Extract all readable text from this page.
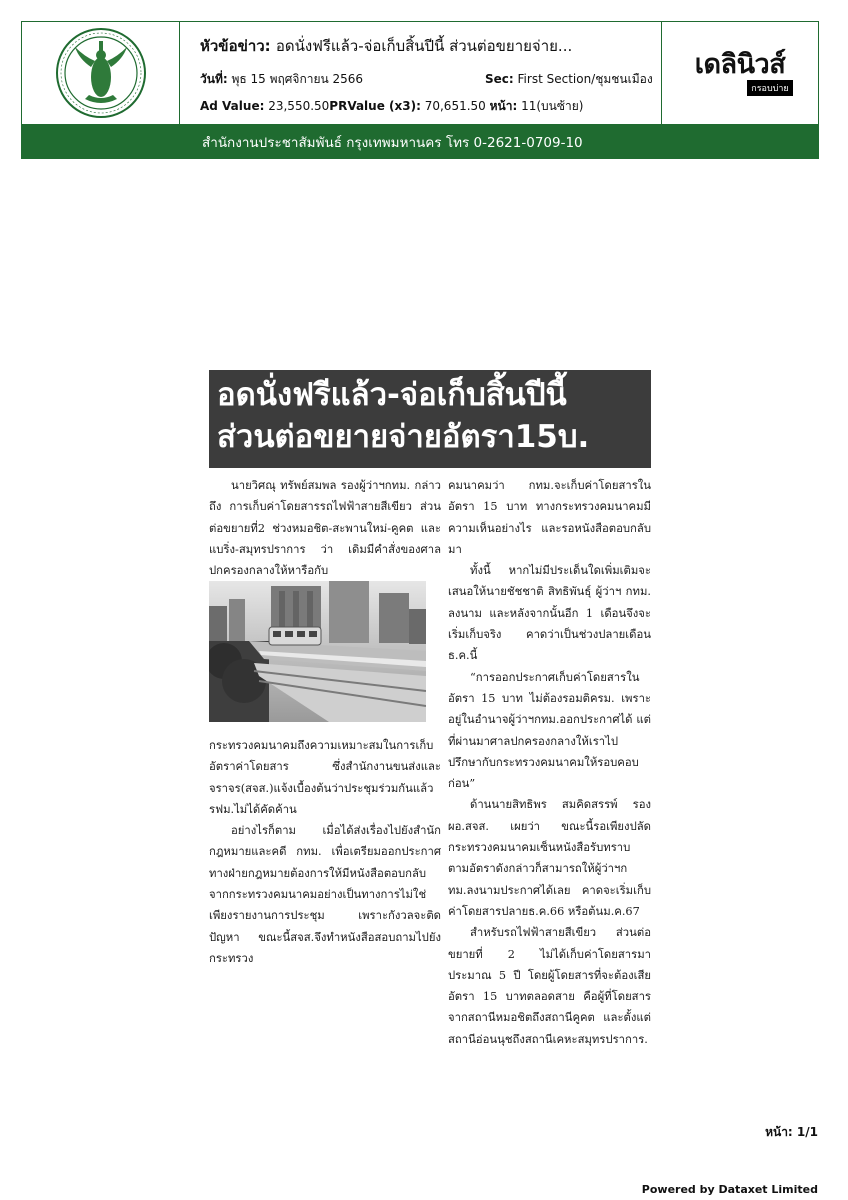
หัวข้อข่าว: อดนั่งฟรีแล้ว-จ่อเก็บสิ้นปีนี้ ส่วนต่อขยายจ่าย...
วันที่: พุธ 15 พฤศจิกายน 2566	Sec: First Section/ชุมชนเมือง
Ad Value: 23,550.50PRValue (x3): 70,651.50 หน้า: 11(บนซ้าย)
เดลินิวส์
กรอบบ่าย
สำนักงานประชาสัมพันธ์ กรุงเทพมหานคร โทร 0-2621-0709-10
อดนั่งฟรีแล้ว-จ่อเก็บสิ้นปีนี้
ส่วนต่อขยายจ่ายอัตรา15บ.

นายวิศณุ ทรัพย์สมพล รองผู้ว่าฯกทม. กล่าวถึง การเก็บค่าโดยสารรถไฟฟ้าสายสีเขียว ส่วนต่อขยายที่2 ช่วงหมอชิต-สะพานใหม่-คูคต และแบริ่ง-สมุทรปราการ ว่า เดิมมีคำสั่งของศาลปกครองกลางให้หารือกับ

กระทรวงคมนาคมถึงความเหมาะสมในการเก็บอัตราค่าโดยสาร ซึ่งสำนักงานขนส่งและจราจร(สจส.)แจ้งเบื้องต้นว่าประชุมร่วมกันแล้ว รฟม.ไม่ได้คัดค้าน

อย่างไรก็ตาม เมื่อได้ส่งเรื่องไปยังสำนักกฎหมายและคดี กทม. เพื่อเตรียมออกประกาศ ทางฝ่ายกฎหมายต้องการให้มีหนังสือตอบกลับจากกระทรวงคมนาคมอย่างเป็นทางการไม่ใช่เพียงรายงานการประชุม เพราะกังวลจะติดปัญหา ขณะนี้สจส.จึงทำหนังสือสอบถามไปยังกระทรวง

คมนาคมว่า กทม.จะเก็บค่าโดยสารในอัตรา 15 บาท ทางกระทรวงคมนาคมมีความเห็นอย่างไร และรอหนังสือตอบกลับมา

ทั้งนี้ หากไม่มีประเด็นใดเพิ่มเติมจะเสนอให้นายชัชชาติ สิทธิพันธุ์ ผู้ว่าฯ กทม. ลงนาม และหลังจากนั้นอีก 1 เดือนจึงจะเริ่มเก็บจริง คาดว่าเป็นช่วงปลายเดือน ธ.ค.นี้

“การออกประกาศเก็บค่าโดยสารในอัตรา 15 บาท ไม่ต้องรอมติครม. เพราะอยู่ในอำนาจผู้ว่าฯกทม.ออกประกาศได้ แต่ที่ผ่านมาศาลปกครองกลางให้เราไปปรึกษากับกระทรวงคมนาคมให้รอบคอบก่อน”

ด้านนายสิทธิพร สมคิดสรรพ์ รอง ผอ.สจส. เผยว่า ขณะนี้รอเพียงปลัดกระทรวงคมนาคมเซ็นหนังสือรับทราบตามอัตราดังกล่าวก็สามารถให้ผู้ว่าฯกทม.ลงนามประกาศได้เลย คาดจะเริ่มเก็บค่าโดยสารปลายธ.ค.66 หรือต้นม.ค.67

สำหรับรถไฟฟ้าสายสีเขียว ส่วนต่อขยายที่ 2 ไม่ได้เก็บค่าโดยสารมาประมาณ 5 ปี โดยผู้โดยสารที่จะต้องเสียอัตรา 15 บาทตลอดสาย คือผู้ที่โดยสารจากสถานีหมอชิตถึงสถานีคูคต และตั้งแต่สถานีอ่อนนุชถึงสถานีเคหะสมุทรปราการ.

หน้า: 1/1
Powered by Dataxet Limited
